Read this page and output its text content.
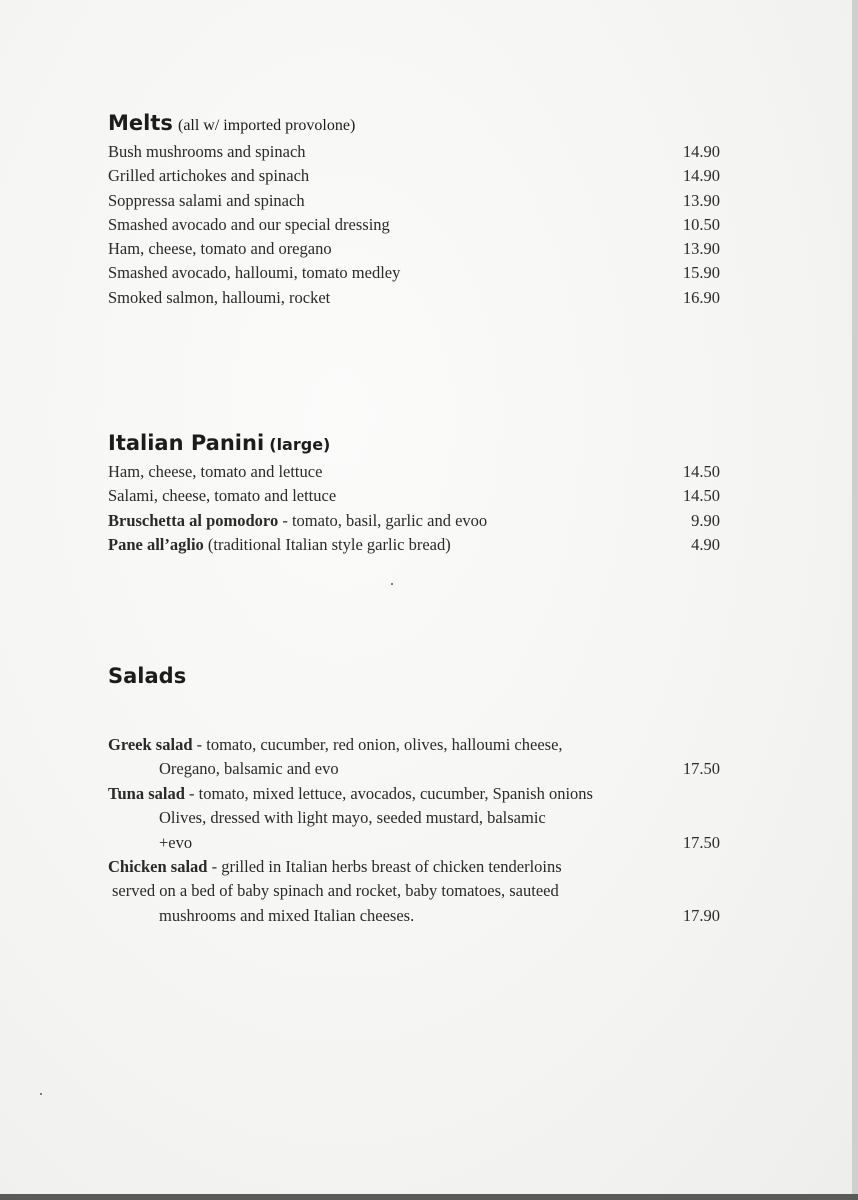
Melts (all w/ imported provolone)
Bush mushrooms and spinach	14.90
Grilled artichokes and spinach	14.90
Soppressa salami and spinach	13.90
Smashed avocado and our special dressing	10.50
Ham, cheese, tomato and oregano	13.90
Smashed avocado, halloumi, tomato medley	15.90
Smoked salmon, halloumi, rocket	16.90
Italian Panini (large)
Ham, cheese, tomato and lettuce	14.50
Salami, cheese, tomato and lettuce	14.50
Bruschetta al pomodoro - tomato, basil, garlic and evoo	9.90
Pane all’aglio (traditional Italian style garlic bread)	4.90
Salads
Greek salad - tomato, cucumber, red onion, olives, halloumi cheese,
Oregano, balsamic and evo	17.50
Tuna salad - tomato, mixed lettuce, avocados, cucumber, Spanish onions
Olives, dressed with light mayo, seeded mustard, balsamic
+evo	17.50
Chicken salad - grilled in Italian herbs breast of chicken tenderloins
served on a bed of baby spinach and rocket, baby tomatoes, sauteed
mushrooms and mixed Italian cheeses.	17.90
